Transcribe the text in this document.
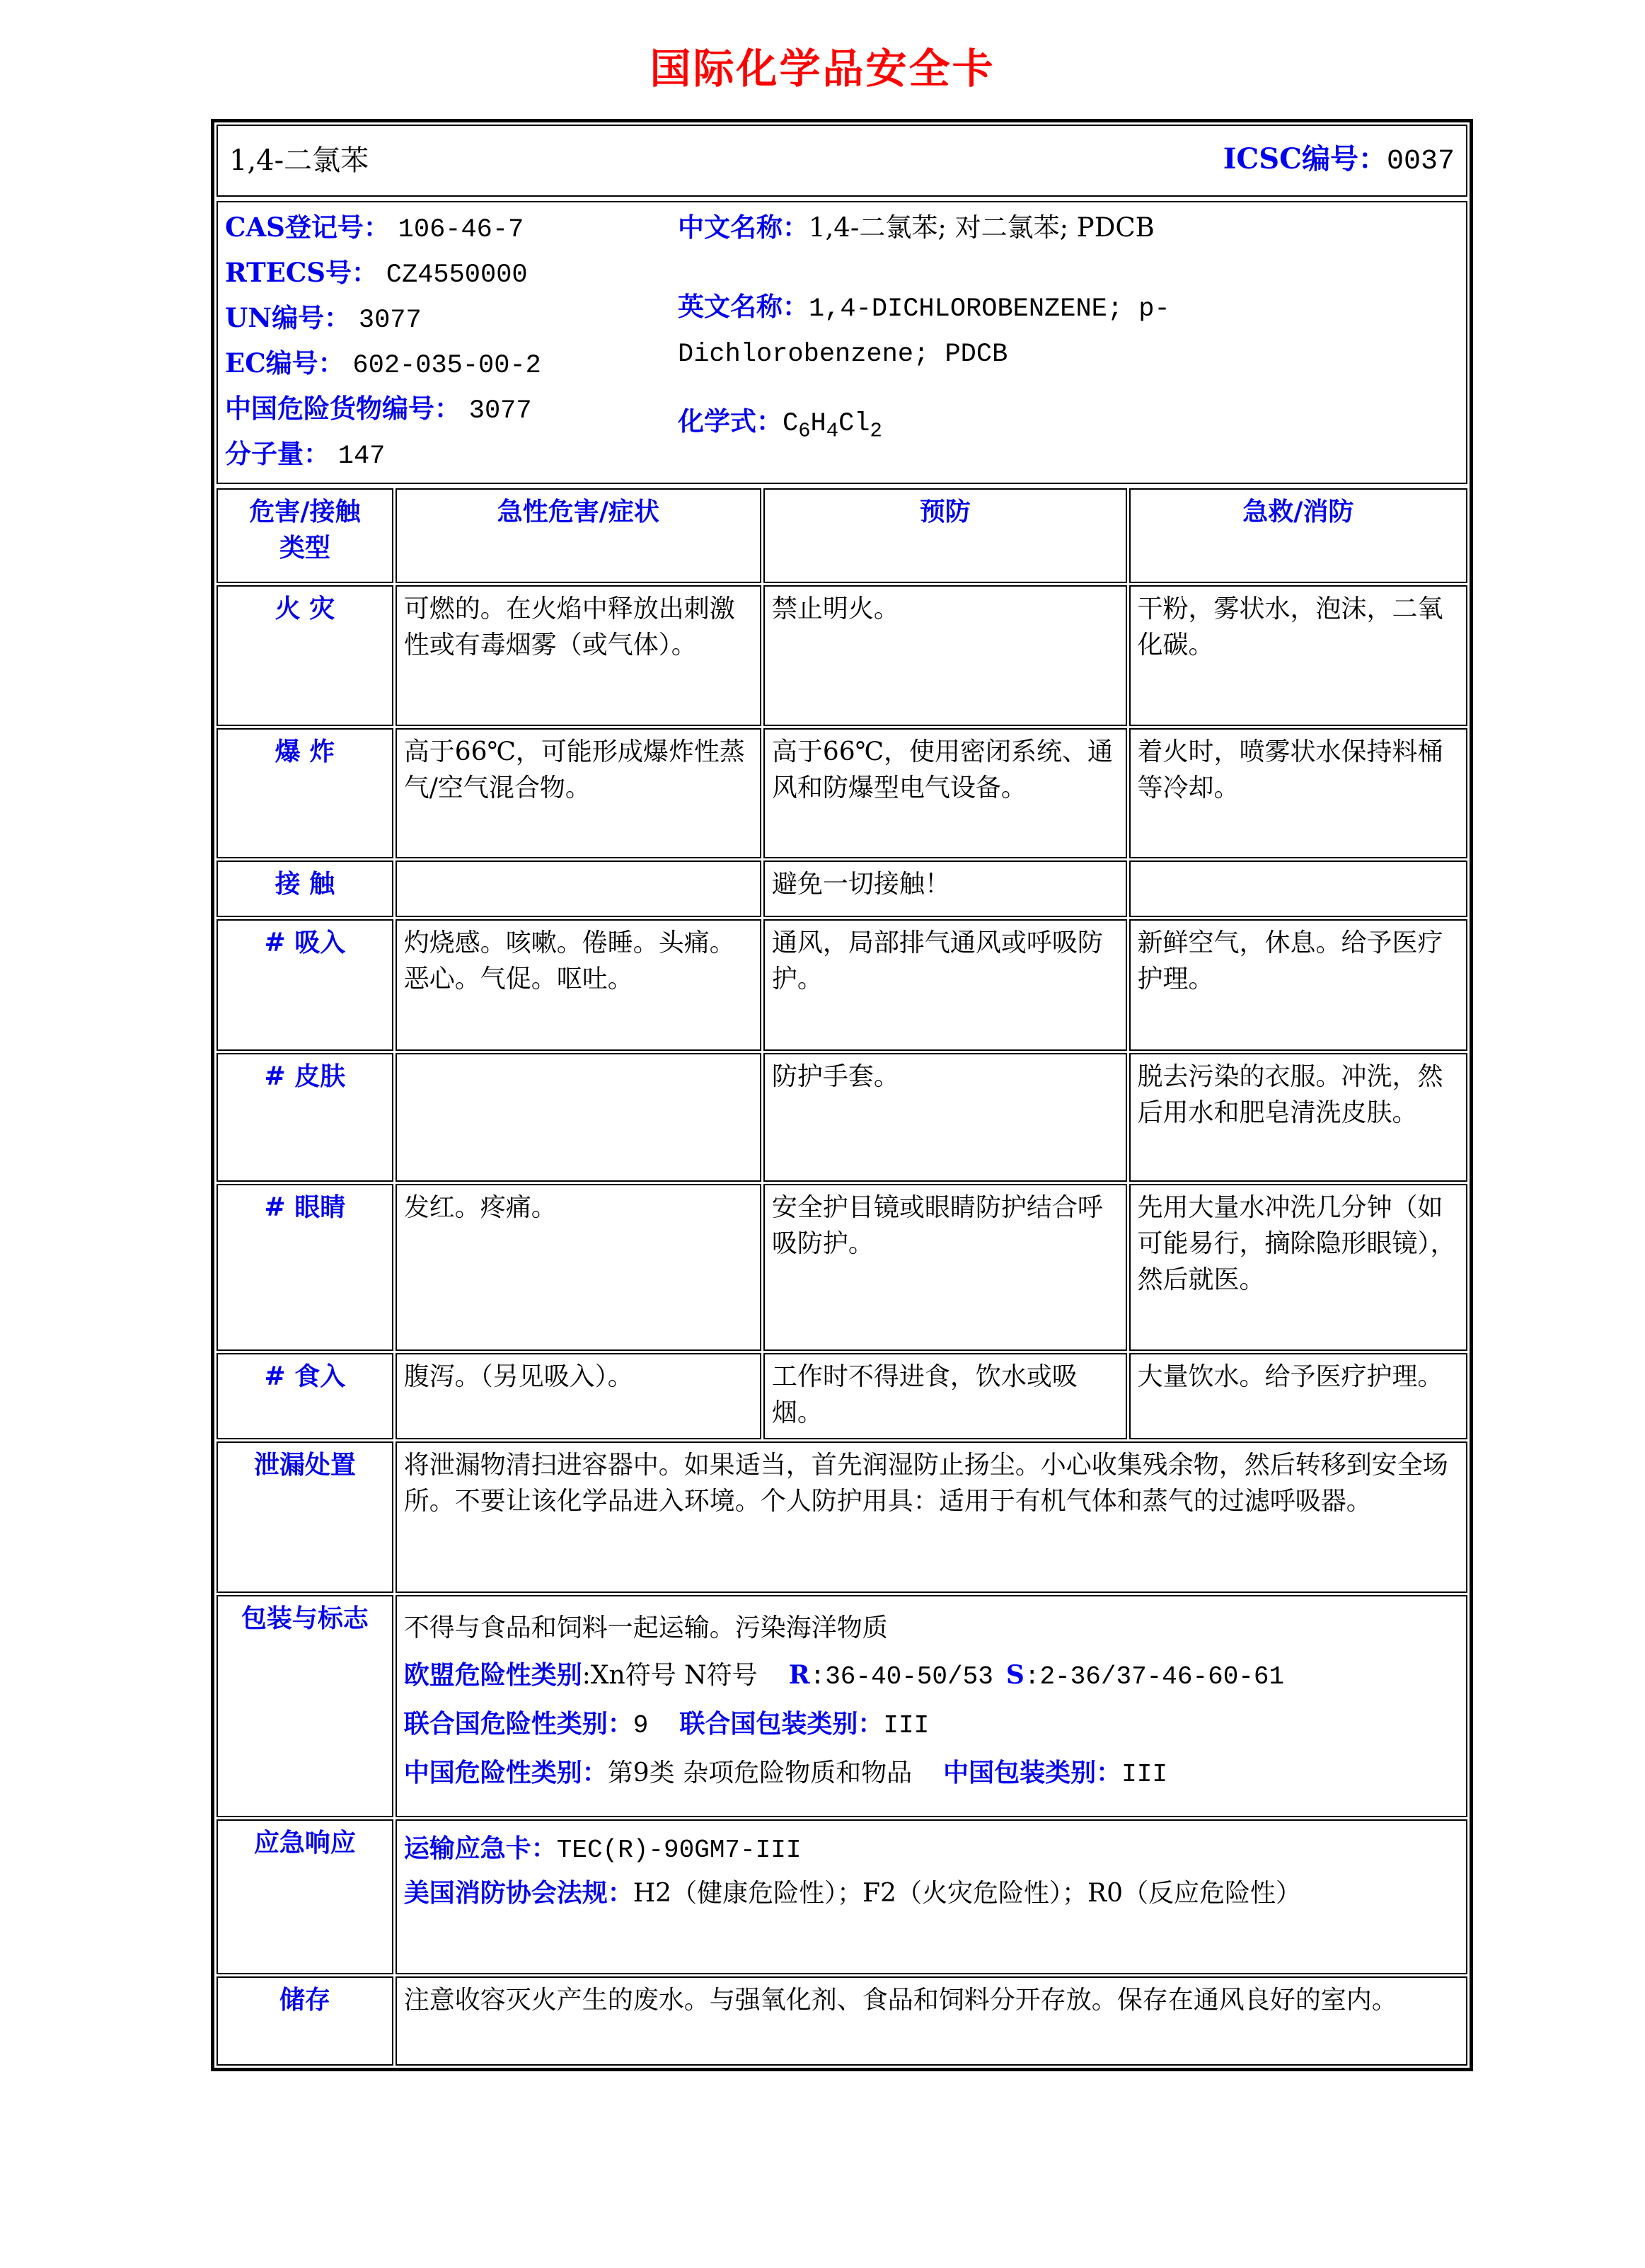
国际化学品安全卡
1,4-二氯苯	ICSC编号：0037
CAS登记号： 106-46-7
RTECS号： CZ4550000
UN编号： 3077
EC编号： 602-035-00-2
中国危险货物编号： 3077
分子量： 147
中文名称：1,4-二氯苯; 对二氯苯; PDCB
英文名称：1,4-DICHLOROBENZENE; p-Dichlorobenzene; PDCB
化学式：$C_6H_4Cl_2$
危害/接触
类型	急性危害/症状	预防	急救/消防
火 灾	可燃的。在火焰中释放出刺激性或有毒烟雾（或气体）。	禁止明火。	干粉，雾状水，泡沫，二氧化碳。
爆 炸	高于66℃，可能形成爆炸性蒸气/空气混合物。	高于66℃，使用密闭系统、通风和防爆型电气设备。	着火时，喷雾状水保持料桶等冷却。
接 触		避免一切接触！	
# 吸入	灼烧感。咳嗽。倦睡。头痛。恶心。气促。呕吐。	通风，局部排气通风或呼吸防护。	新鲜空气，休息。给予医疗护理。
# 皮肤		防护手套。	脱去污染的衣服。冲洗，然后用水和肥皂清洗皮肤。
# 眼睛	发红。疼痛。	安全护目镜或眼睛防护结合呼吸防护。	先用大量水冲洗几分钟（如可能易行，摘除隐形眼镜），然后就医。
# 食入	腹泻。（另见吸入）。	工作时不得进食，饮水或吸烟。	大量饮水。给予医疗护理。
泄漏处置	将泄漏物清扫进容器中。如果适当，首先润湿防止扬尘。小心收集残余物，然后转移到安全场所。不要让该化学品进入环境。个人防护用具：适用于有机气体和蒸气的过滤呼吸器。		
包装与标志	不得与食品和饲料一起运输。污染海洋物质
欧盟危险性类别:Xn符号 N符号 R:36-40-50/53 S:2-36/37-46-60-61
联合国危险性类别：9 联合国包装类别：III
中国危险性类别：第9类 杂项危险物质和物品 中国包装类别：III		

应急响应	运输应急卡：TEC(R)-90GM7-III
美国消防协会法规：H2（健康危险性）；F2（火灾危险性）；R0（反应危险性）		

储存	注意收容灭火产生的废水。与强氧化剂、食品和饲料分开存放。保存在通风良好的室内。		
